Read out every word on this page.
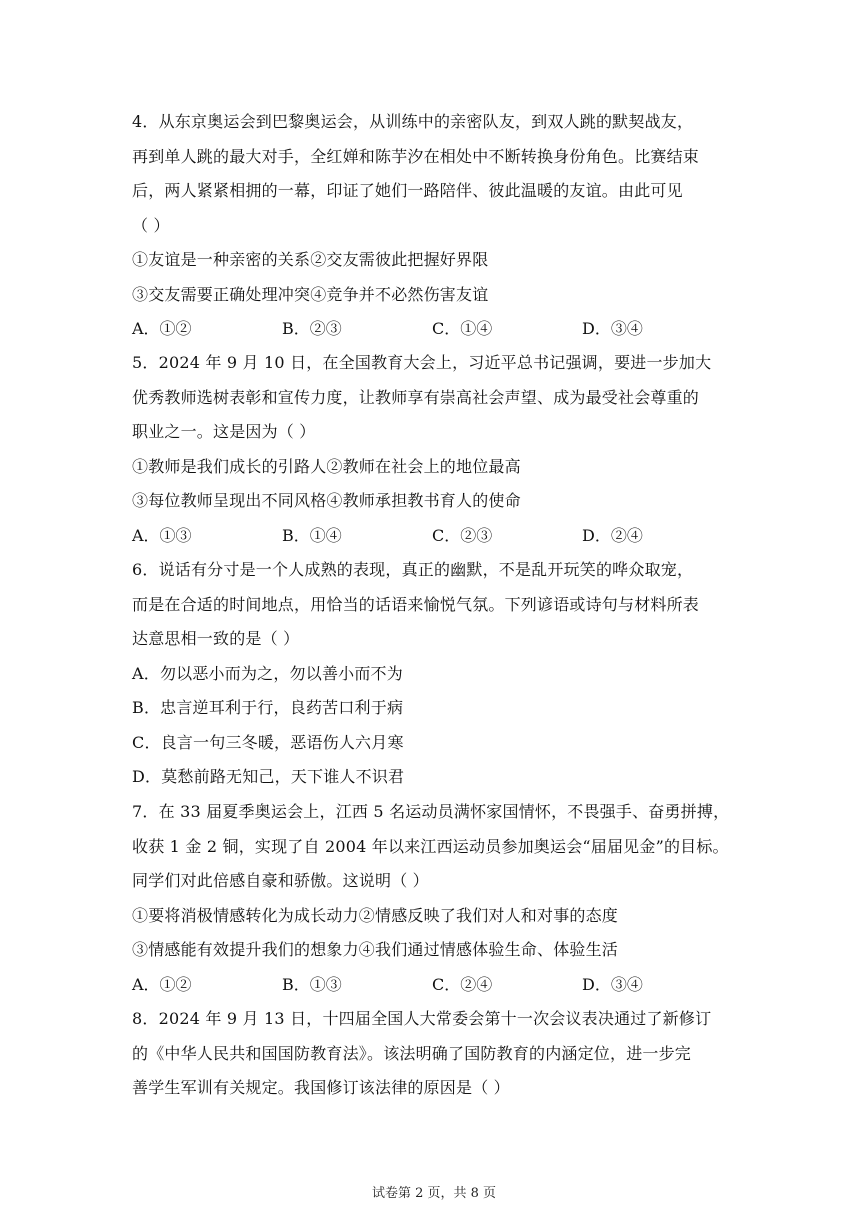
4．从东京奥运会到巴黎奥运会，从训练中的亲密队友，到双人跳的默契战友，
再到单人跳的最大对手，全红婵和陈芋汐在相处中不断转换身份角色。比赛结束
后，两人紧紧相拥的一幕，印证了她们一路陪伴、彼此温暖的友谊。由此可见
（ ）
①友谊是一种亲密的关系②交友需彼此把握好界限
③交友需要正确处理冲突④竞争并不必然伤害友谊
A．①②	B．②③	C．①④	D．③④
5．2024 年 9 月 10 日，在全国教育大会上，习近平总书记强调，要进一步加大
优秀教师选树表彰和宣传力度，让教师享有崇高社会声望、成为最受社会尊重的
职业之一。这是因为（ ）
①教师是我们成长的引路人②教师在社会上的地位最高
③每位教师呈现出不同风格④教师承担教书育人的使命
A．①③	B．①④	C．②③	D．②④
6．说话有分寸是一个人成熟的表现，真正的幽默，不是乱开玩笑的哗众取宠，
而是在合适的时间地点，用恰当的话语来愉悦气氛。下列谚语或诗句与材料所表
达意思相一致的是（ ）
A．勿以恶小而为之，勿以善小而不为
B．忠言逆耳利于行，良药苦口利于病
C．良言一句三冬暖，恶语伤人六月寒
D．莫愁前路无知己，天下谁人不识君
7．在 33 届夏季奥运会上，江西 5 名运动员满怀家国情怀，不畏强手、奋勇拼搏，
收获 1 金 2 铜，实现了自 2004 年以来江西运动员参加奥运会“届届见金”的目标。
同学们对此倍感自豪和骄傲。这说明（ ）
①要将消极情感转化为成长动力②情感反映了我们对人和对事的态度
③情感能有效提升我们的想象力④我们通过情感体验生命、体验生活
A．①②	B．①③	C．②④	D．③④
8．2024 年 9 月 13 日，十四届全国人大常委会第十一次会议表决通过了新修订
的《中华人民共和国国防教育法》。该法明确了国防教育的内涵定位，进一步完
善学生军训有关规定。我国修订该法律的原因是（ ）
试卷第 2 页，共 8 页
